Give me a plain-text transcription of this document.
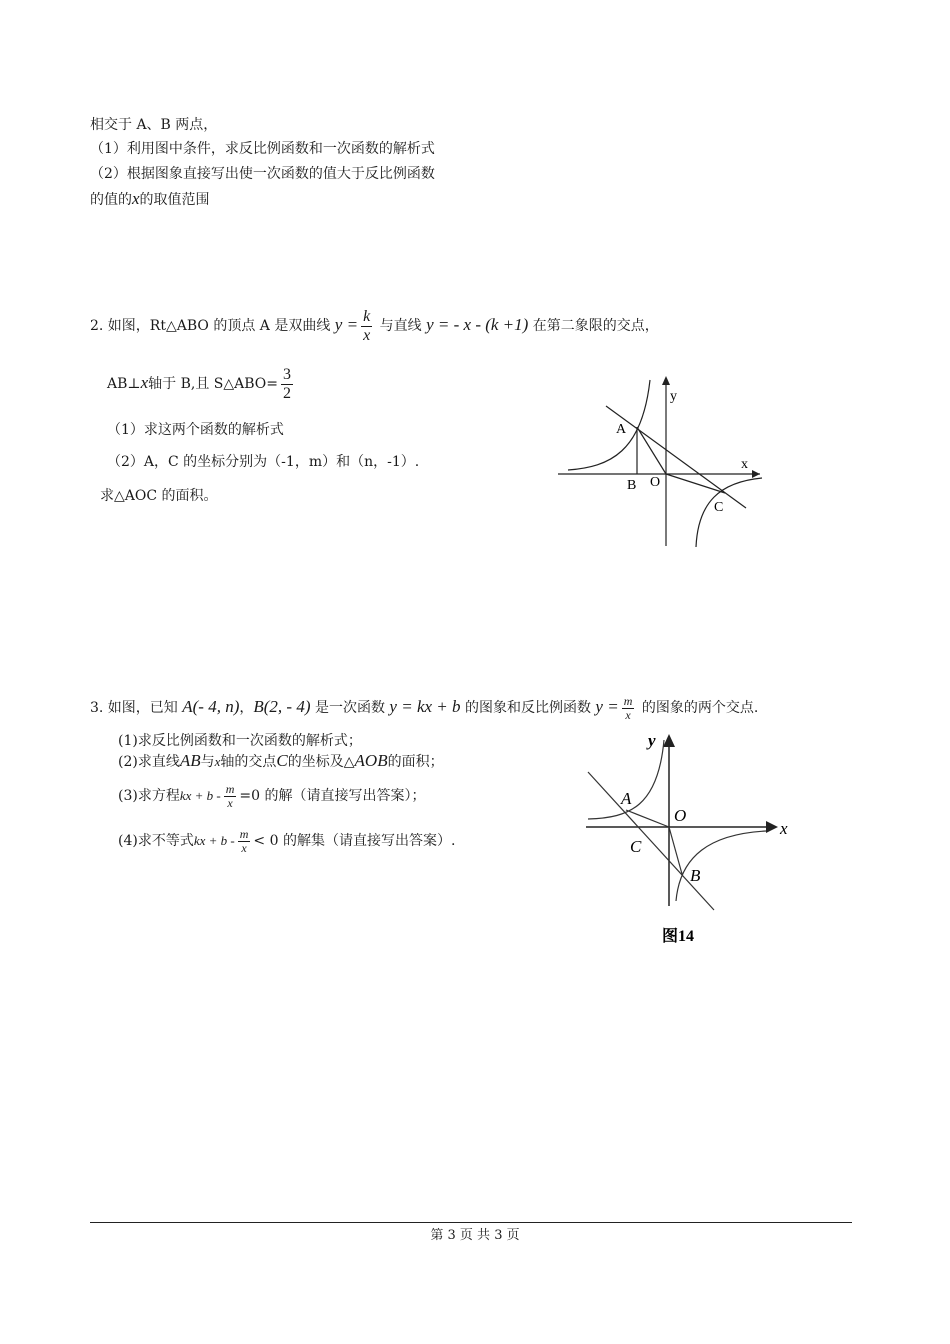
相交于 A、B 两点，
（1）利用图中条件，求反比例函数和一次函数的解析式
（2）根据图象直接写出使一次函数的值大于反比例函数
的值的x的取值范围
2. 如图，Rt△ABO 的顶点 A 是双曲线 $y = \frac{k}{x}$ 与直线 y = - x - (k +1) 在第二象限的交点，
AB⊥x轴于 B,且 S△ABO= $\frac{3}{2}$
（1）求这两个函数的解析式
（2）A，C 的坐标分别为（-1，m）和（n，-1）.
求△AOC 的面积。
y
x
A
B O
C
3. 如图，已知 A(- 4, n)，B(2, - 4) 是一次函数 y = kx + b 的图象和反比例函数 $y = \frac{m}{x}$ 的图象的两个交点.
(1)求反比例函数和一次函数的解析式；
(2)求直线AB与x轴的交点C的坐标及△AOB的面积；
(3)求方程kx + $b - \frac{m}{x} =0$ 的解（请直接写出答案）；
(4)求不等式kx + $b - \frac{m}{x} < 0$ 的解集（请直接写出答案）.
y
x
A
O
C
B
图14
第 3 页 共 3 页
